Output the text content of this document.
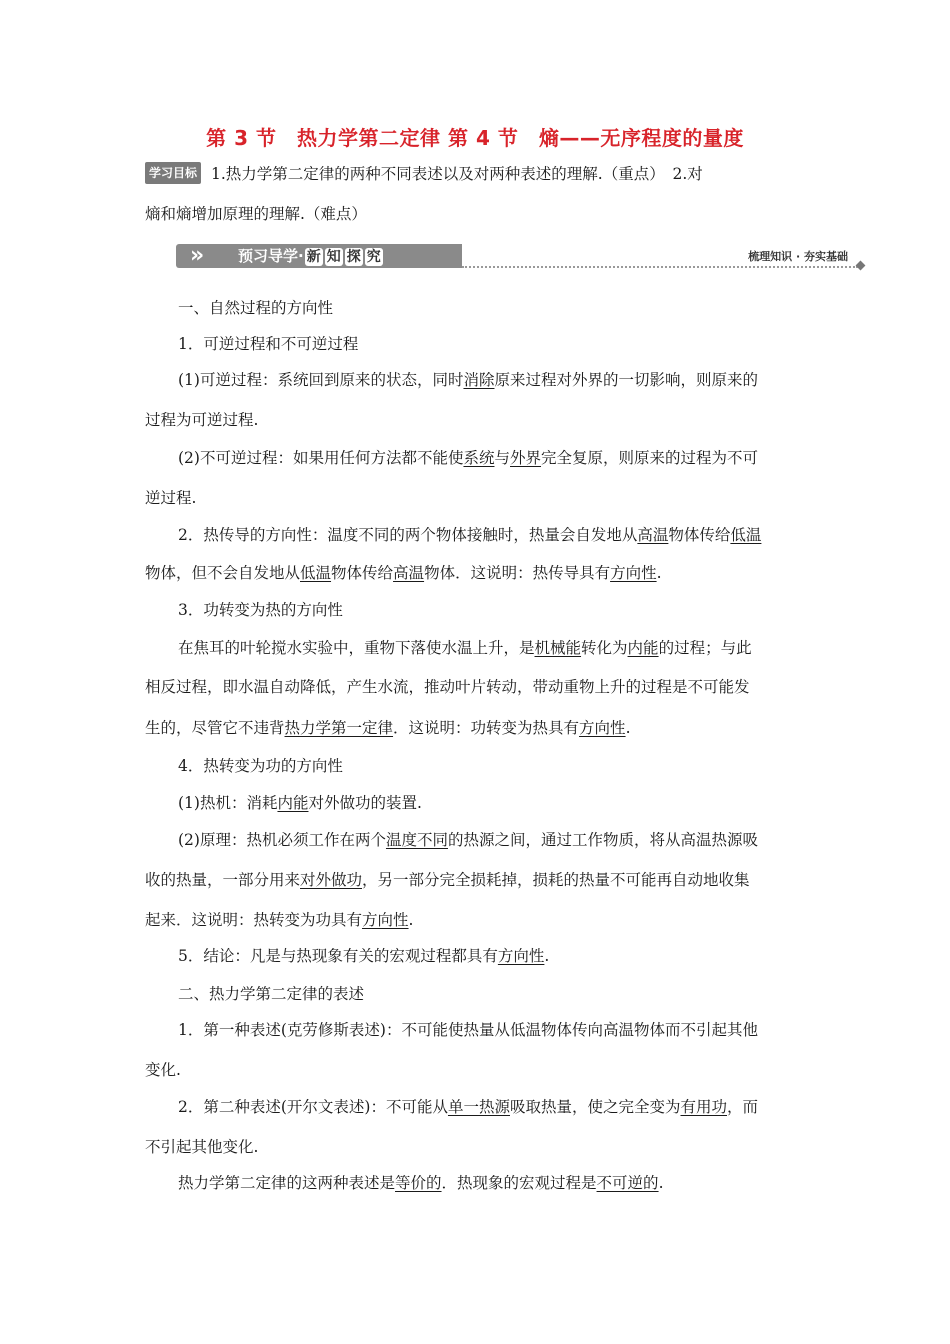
第 3 节　热力学第二定律 第 4 节　熵——无序程度的量度
学习目标 1.热力学第二定律的两种不同表述以及对两种表述的理解.（重点）　2.对
熵和熵增加原理的理解.（难点）
»	预习导学· 新 知 探 究	梳理知识 · 夯实基础
一、自然过程的方向性
1．可逆过程和不可逆过程
(1)可逆过程：系统回到原来的状态，同时消除原来过程对外界的一切影响，则原来的
过程为可逆过程.
(2)不可逆过程：如果用任何方法都不能使系统与外界完全复原，则原来的过程为不可
逆过程.
2．热传导的方向性：温度不同的两个物体接触时，热量会自发地从高温物体传给低温
物体，但不会自发地从低温物体传给高温物体．这说明：热传导具有方向性.
3．功转变为热的方向性
在焦耳的叶轮搅水实验中，重物下落使水温上升，是机械能转化为内能的过程；与此
相反过程，即水温自动降低，产生水流，推动叶片转动，带动重物上升的过程是不可能发
生的，尽管它不违背热力学第一定律．这说明：功转变为热具有方向性.
4．热转变为功的方向性
(1)热机：消耗内能对外做功的装置.
(2)原理：热机必须工作在两个温度不同的热源之间，通过工作物质，将从高温热源吸
收的热量，一部分用来对外做功，另一部分完全损耗掉，损耗的热量不可能再自动地收集
起来．这说明：热转变为功具有方向性.
5．结论：凡是与热现象有关的宏观过程都具有方向性.
二、热力学第二定律的表述
1．第一种表述(克劳修斯表述)：不可能使热量从低温物体传向高温物体而不引起其他
变化.
2．第二种表述(开尔文表述)：不可能从单一热源吸取热量，使之完全变为有用功，而
不引起其他变化.
热力学第二定律的这两种表述是等价的．热现象的宏观过程是不可逆的.
